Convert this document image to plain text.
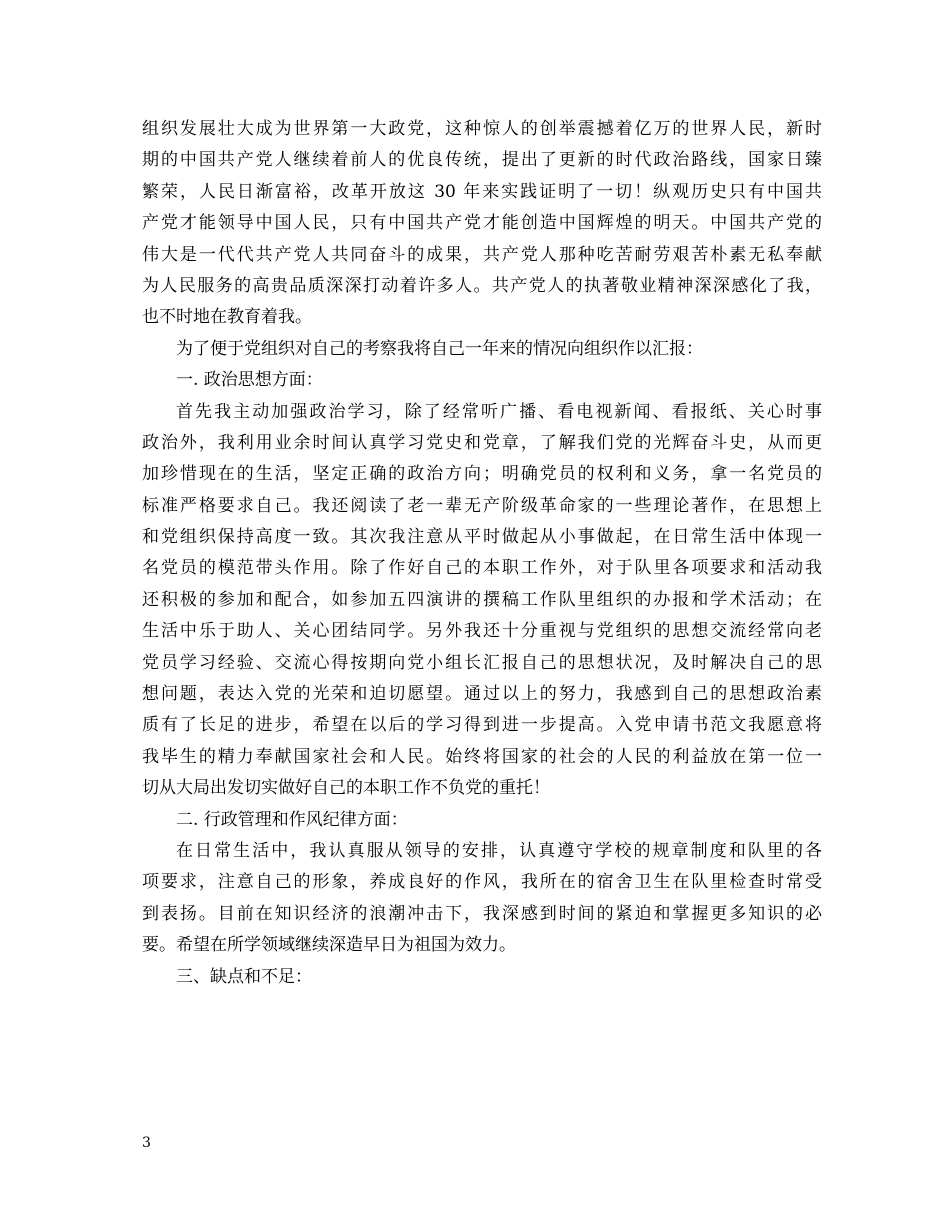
组织发展壮大成为世界第一大政党，这种惊人的创举震撼着亿万的世界人民，新时
期的中国共产党人继续着前人的优良传统，提出了更新的时代政治路线，国家日臻
繁荣，人民日渐富裕，改革开放这 30 年来实践证明了一切！纵观历史只有中国共
产党才能领导中国人民，只有中国共产党才能创造中国辉煌的明天。中国共产党的
伟大是一代代共产党人共同奋斗的成果，共产党人那种吃苦耐劳艰苦朴素无私奉献
为人民服务的高贵品质深深打动着许多人。共产党人的执著敬业精神深深感化了我，
也不时地在教育着我。
为了便于党组织对自己的考察我将自己一年来的情况向组织作以汇报：
一. 政治思想方面：
首先我主动加强政治学习，除了经常听广播、看电视新闻、看报纸、关心时事
政治外，我利用业余时间认真学习党史和党章，了解我们党的光辉奋斗史，从而更
加珍惜现在的生活，坚定正确的政治方向；明确党员的权利和义务，拿一名党员的
标准严格要求自己。我还阅读了老一辈无产阶级革命家的一些理论著作，在思想上
和党组织保持高度一致。其次我注意从平时做起从小事做起，在日常生活中体现一
名党员的模范带头作用。除了作好自己的本职工作外，对于队里各项要求和活动我
还积极的参加和配合，如参加五四演讲的撰稿工作队里组织的办报和学术活动；在
生活中乐于助人、关心团结同学。另外我还十分重视与党组织的思想交流经常向老
党员学习经验、交流心得按期向党小组长汇报自己的思想状况，及时解决自己的思
想问题，表达入党的光荣和迫切愿望。通过以上的努力，我感到自己的思想政治素
质有了长足的进步，希望在以后的学习得到进一步提高。入党申请书范文我愿意将
我毕生的精力奉献国家社会和人民。始终将国家的社会的人民的利益放在第一位一
切从大局出发切实做好自己的本职工作不负党的重托！
二. 行政管理和作风纪律方面：
在日常生活中，我认真服从领导的安排，认真遵守学校的规章制度和队里的各
项要求，注意自己的形象，养成良好的作风，我所在的宿舍卫生在队里检查时常受
到表扬。目前在知识经济的浪潮冲击下，我深感到时间的紧迫和掌握更多知识的必
要。希望在所学领域继续深造早日为祖国为效力。
三、缺点和不足：
3
